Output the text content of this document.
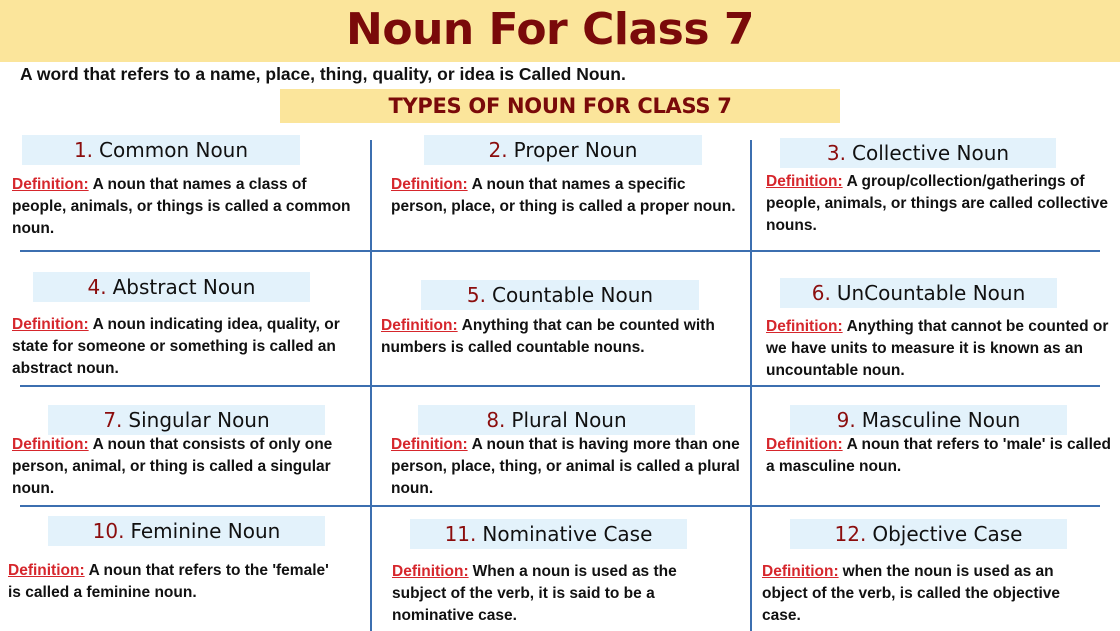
Noun For Class 7
A word that refers to a name, place, thing, quality, or idea is Called Noun.
TYPES OF NOUN FOR CLASS 7
1. Common Noun
Definition: A noun that names a class of people, animals, or things is called a common noun.
2. Proper Noun
Definition: A noun that names a specific person, place, or thing is called a proper noun.
3. Collective Noun
Definition: A group/collection/gatherings of people, animals, or things are called collective nouns.
4. Abstract Noun
Definition: A noun indicating idea, quality, or state for someone or something is called an abstract noun.
5. Countable Noun
Definition: Anything that can be counted with numbers is called countable nouns.
6. UnCountable Noun
Definition: Anything that cannot be counted or we have units to measure it is known as an uncountable noun.
7. Singular Noun
Definition: A noun that consists of only one person, animal, or thing is called a singular noun.
8. Plural Noun
Definition: A noun that is having more than one person, place, thing, or animal is called a plural noun.
9. Masculine Noun
Definition: A noun that refers to 'male' is called a masculine noun.
10. Feminine Noun
Definition: A noun that refers to the 'female' is called a feminine noun.
11. Nominative Case
Definition: When a noun is used as the subject of the verb, it is said to be a nominative case.
12. Objective Case
Definition: when the noun is used as an object of the verb, is called the objective case.
